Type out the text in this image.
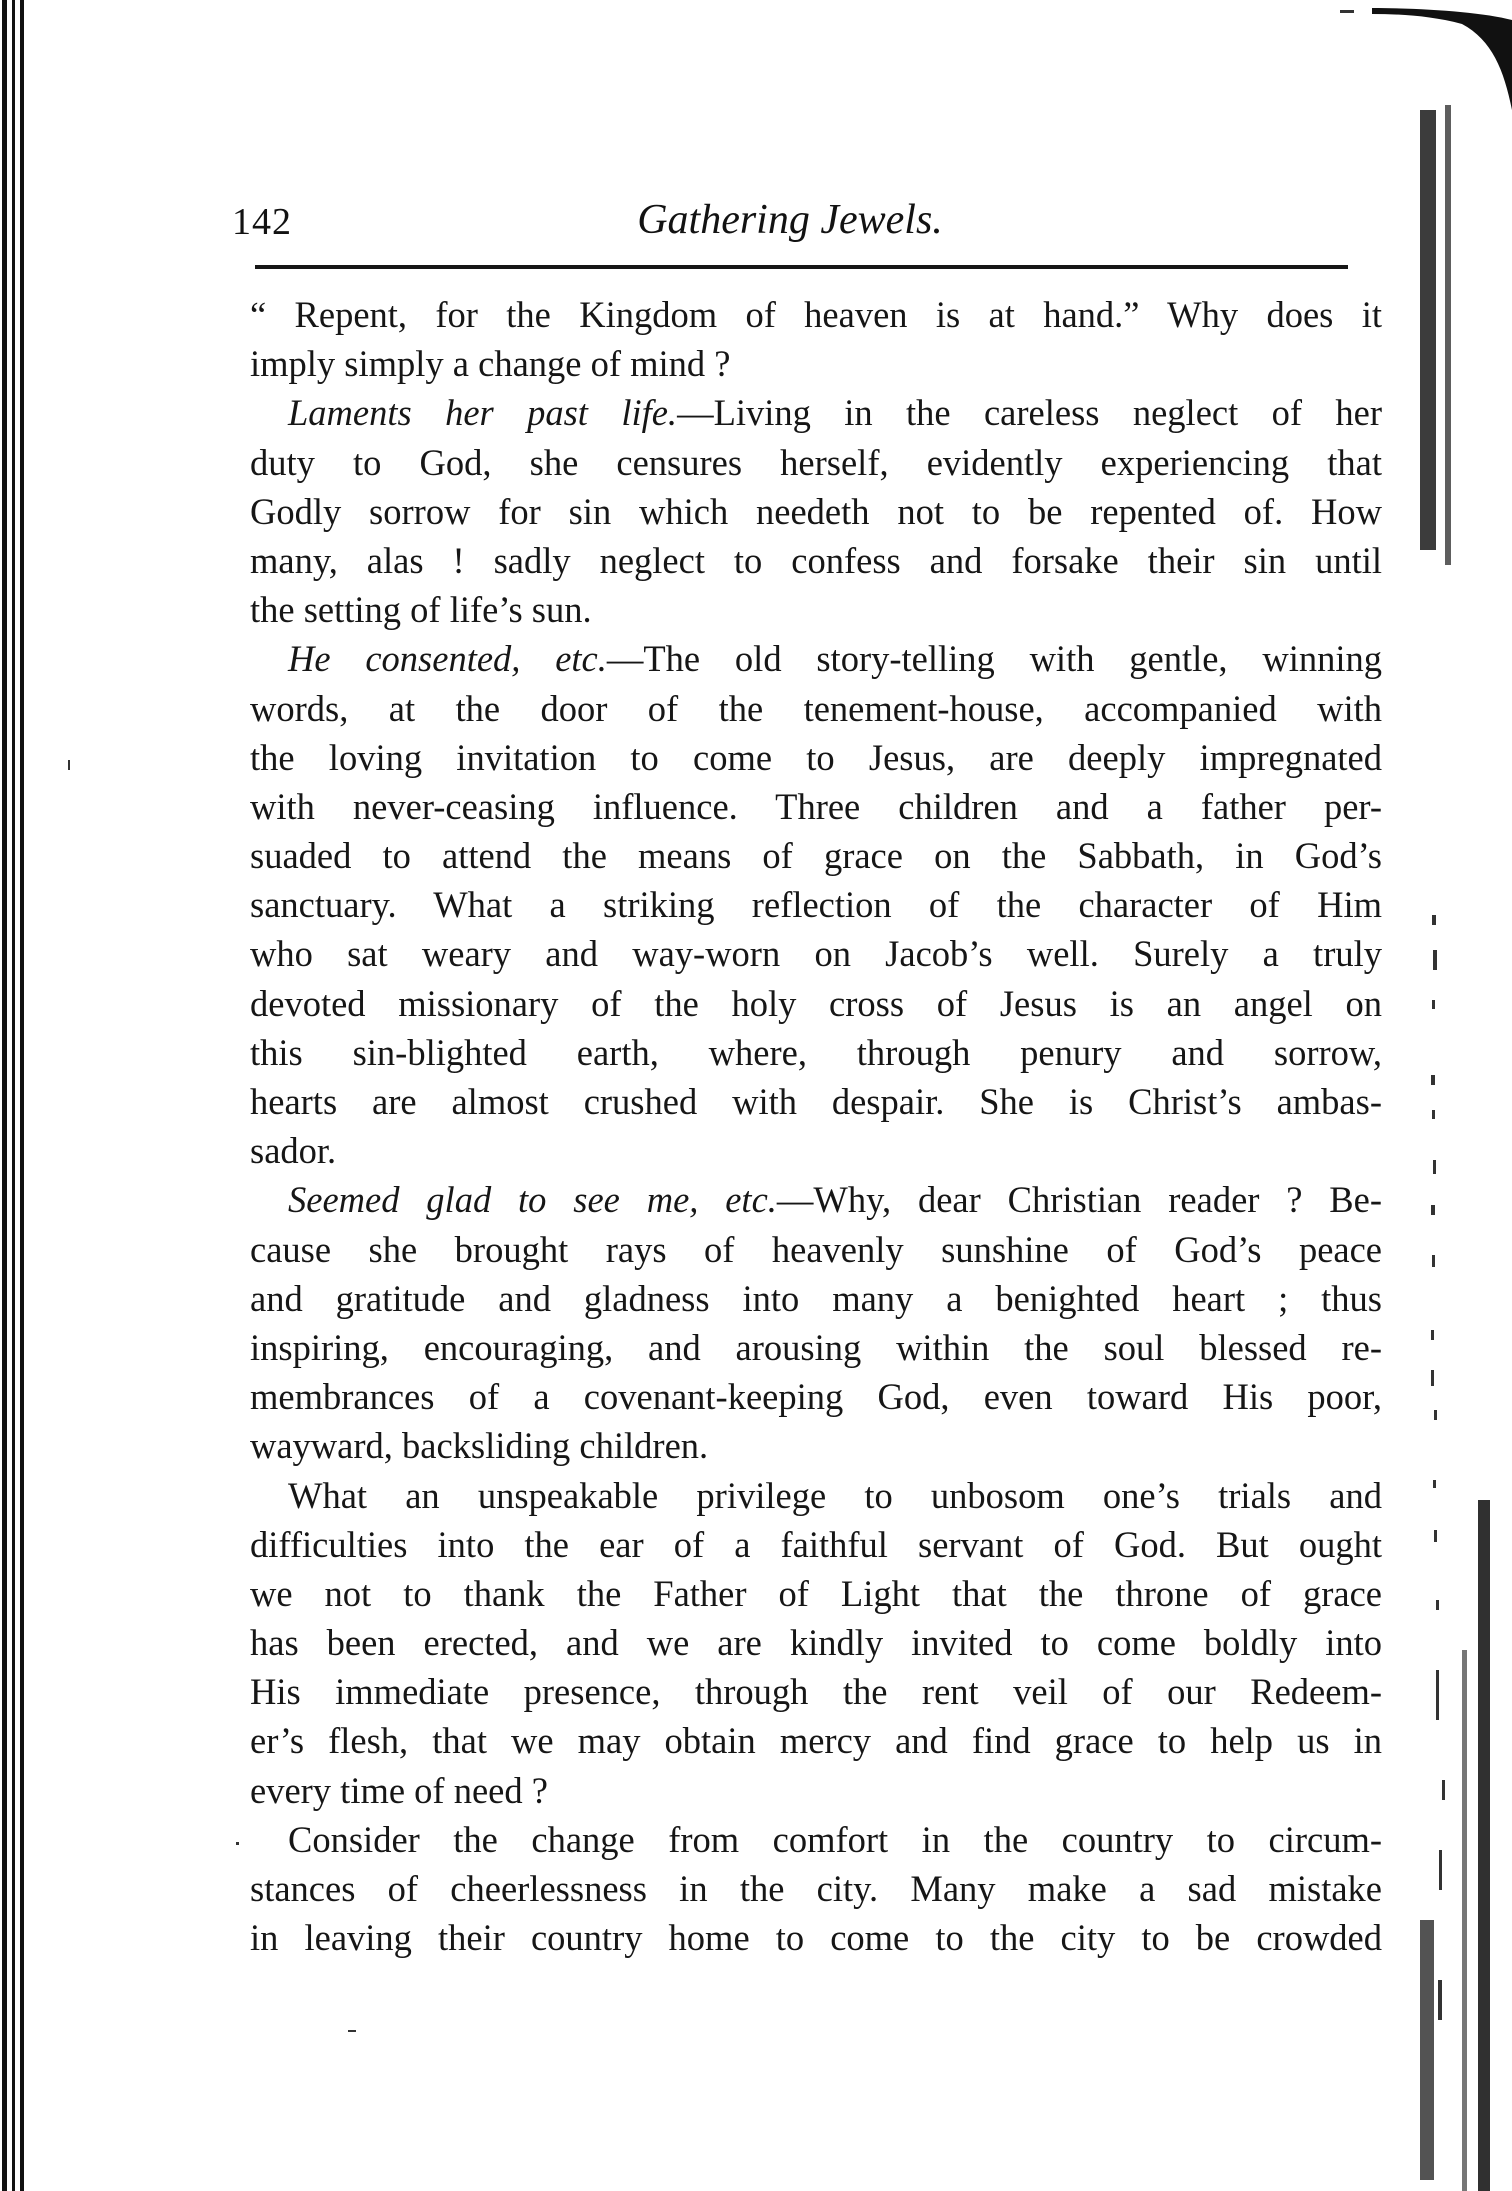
142	Gathering Jewels.
“ Repent, for the Kingdom of heaven is at hand.” Why does it
imply simply a change of mind ?
Laments her past life.—Living in the careless neglect of her
duty to God, she censures herself, evidently experiencing that
Godly sorrow for sin which needeth not to be repented of. How
many, alas ! sadly neglect to confess and forsake their sin until
the setting of life’s sun.
He consented, etc.—The old story-telling with gentle, winning
words, at the door of the tenement-house, accompanied with
the loving invitation to come to Jesus, are deeply impregnated
with never-ceasing influence. Three children and a father per-
suaded to attend the means of grace on the Sabbath, in God’s
sanctuary. What a striking reflection of the character of Him
who sat weary and way-worn on Jacob’s well. Surely a truly
devoted missionary of the holy cross of Jesus is an angel on
this sin-blighted earth, where, through penury and sorrow,
hearts are almost crushed with despair. She is Christ’s ambas-
sador.
Seemed glad to see me, etc.—Why, dear Christian reader ? Be-
cause she brought rays of heavenly sunshine of God’s peace
and gratitude and gladness into many a benighted heart ; thus
inspiring, encouraging, and arousing within the soul blessed re-
membrances of a covenant-keeping God, even toward His poor,
wayward, backsliding children.
What an unspeakable privilege to unbosom one’s trials and
difficulties into the ear of a faithful servant of God. But ought
we not to thank the Father of Light that the throne of grace
has been erected, and we are kindly invited to come boldly into
His immediate presence, through the rent veil of our Redeem-
er’s flesh, that we may obtain mercy and find grace to help us in
every time of need ?
Consider the change from comfort in the country to circum-
stances of cheerlessness in the city. Many make a sad mistake
in leaving their country home to come to the city to be crowded
